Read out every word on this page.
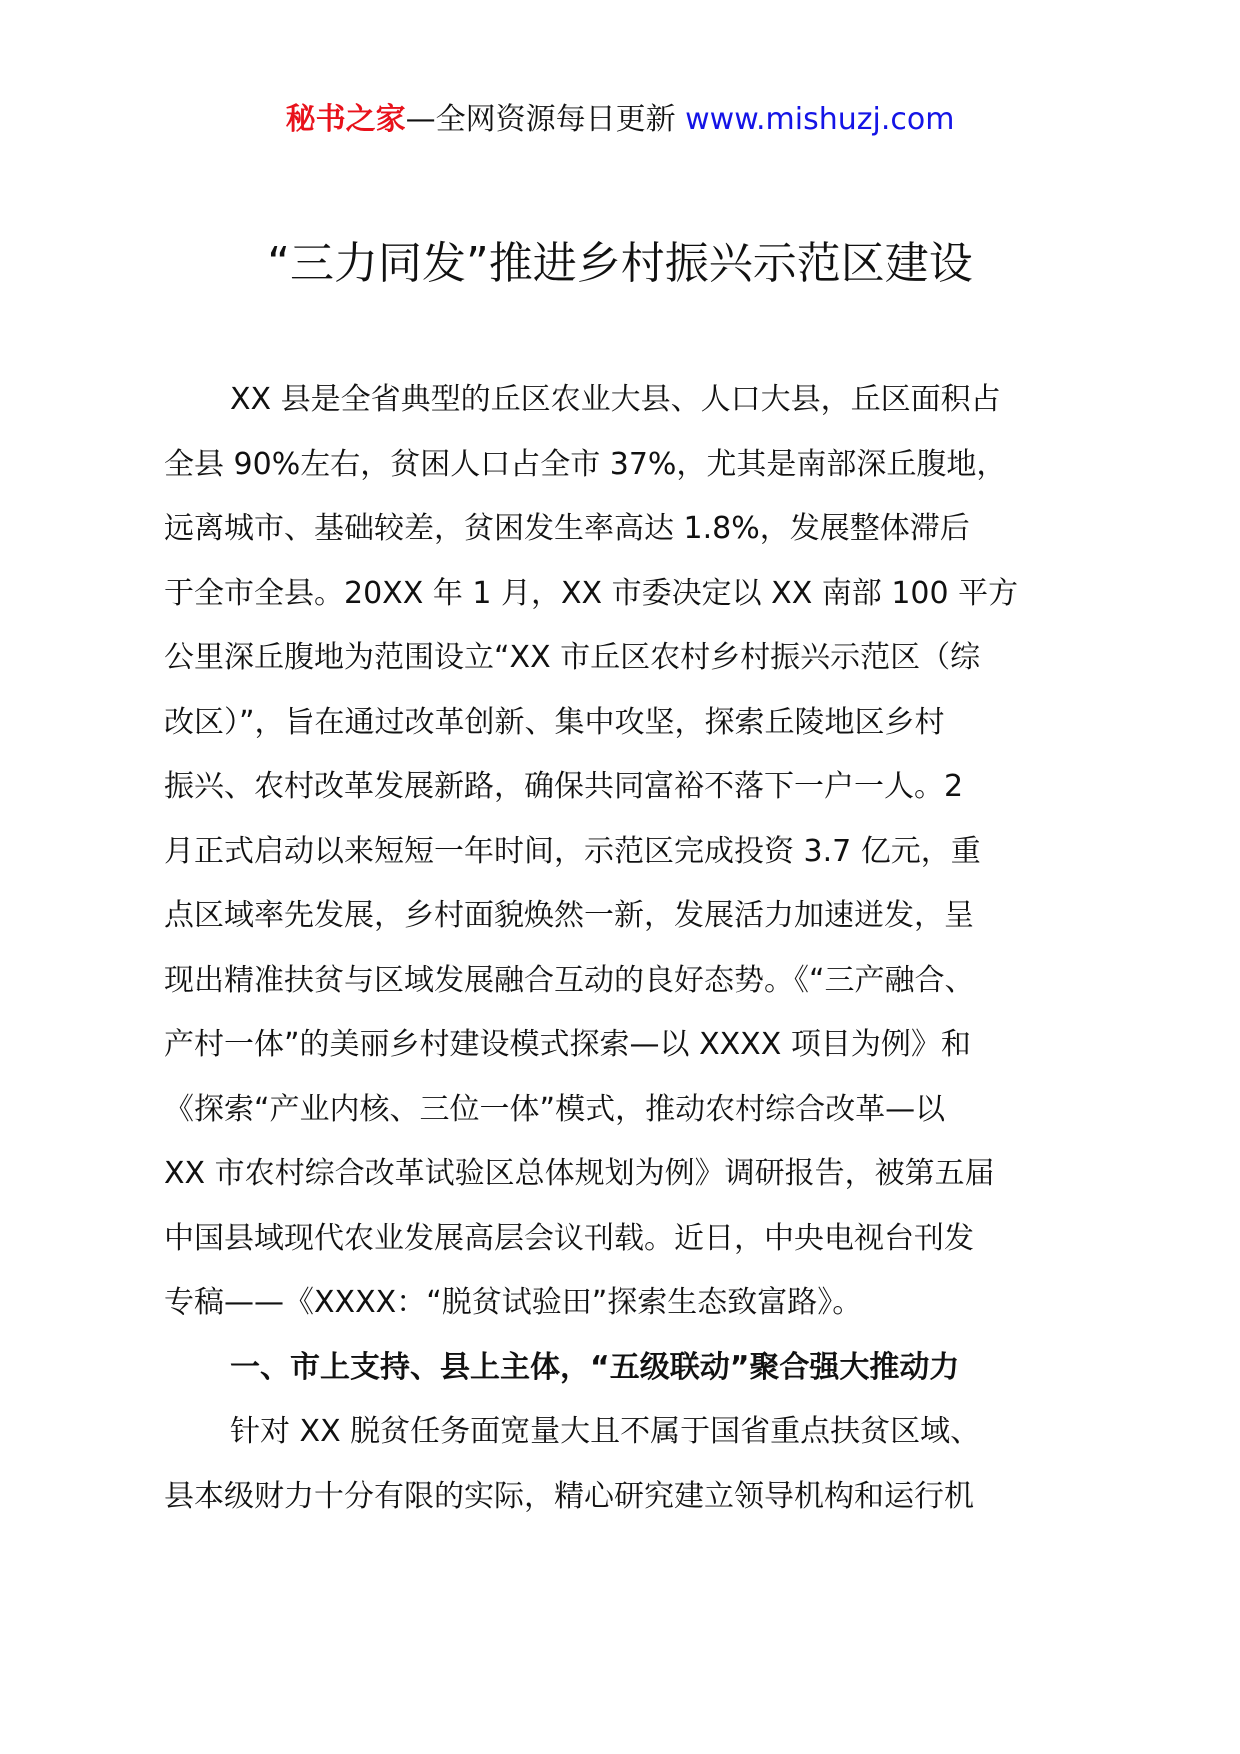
秘书之家—全网资源每日更新 www.mishuzj.com
“三力同发”推进乡村振兴示范区建设
XX 县是全省典型的丘区农业大县、人口大县，丘区面积占
全县 90%左右，贫困人口占全市 37%，尤其是南部深丘腹地，
远离城市、基础较差，贫困发生率高达 1.8%，发展整体滞后
于全市全县。20XX 年 1 月，XX 市委决定以 XX 南部 100 平方
公里深丘腹地为范围设立“XX 市丘区农村乡村振兴示范区（综
改区）”，旨在通过改革创新、集中攻坚，探索丘陵地区乡村
振兴、农村改革发展新路，确保共同富裕不落下一户一人。2
月正式启动以来短短一年时间，示范区完成投资 3.7 亿元，重
点区域率先发展，乡村面貌焕然一新，发展活力加速迸发，呈
现出精准扶贫与区域发展融合互动的良好态势。《“三产融合、
产村一体”的美丽乡村建设模式探索—以 XXXX 项目为例》和
《探索“产业内核、三位一体”模式，推动农村综合改革—以
XX 市农村综合改革试验区总体规划为例》调研报告，被第五届
中国县域现代农业发展高层会议刊载。近日，中央电视台刊发
专稿——《XXXX：“脱贫试验田”探索生态致富路》。
一、市上支持、县上主体，“五级联动”聚合强大推动力
针对 XX 脱贫任务面宽量大且不属于国省重点扶贫区域、
县本级财力十分有限的实际，精心研究建立领导机构和运行机
